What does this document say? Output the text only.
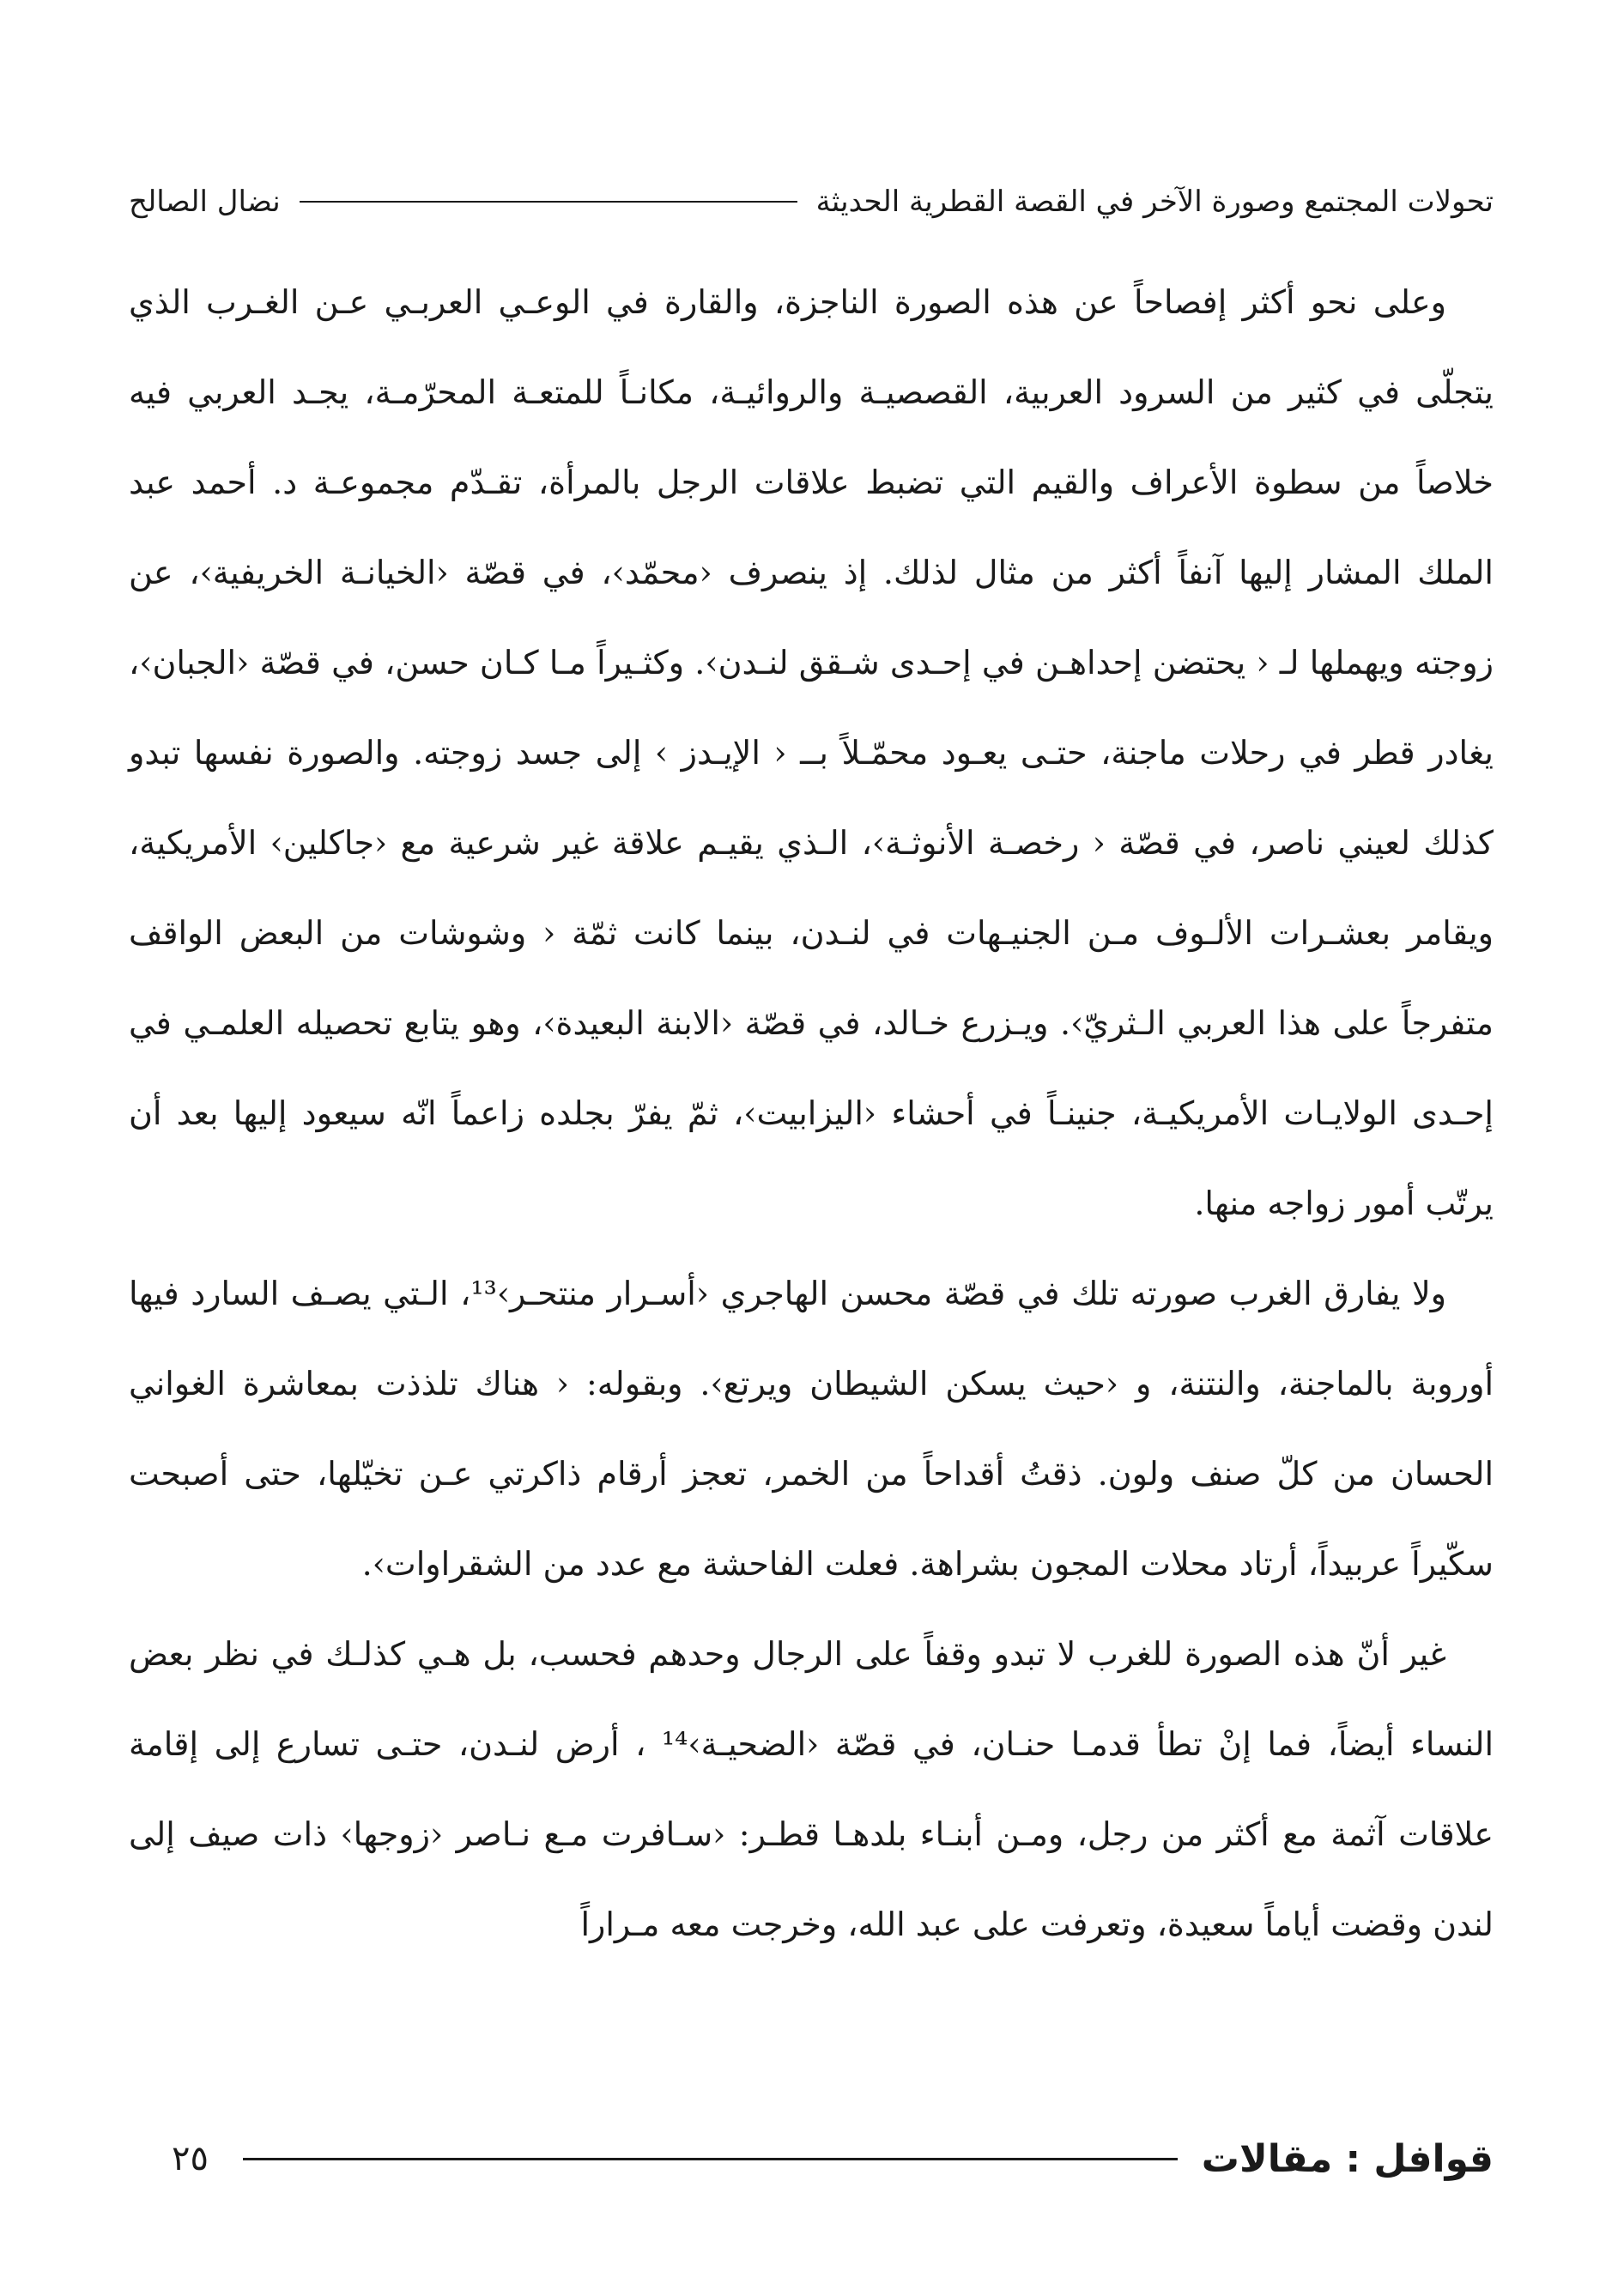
تحولات المجتمع وصورة الآخر في القصة القطرية الحديثة
نضال الصالح

وعلى نحو أكثر إفصاحاً عن هذه الصورة الناجزة، والقارة في الوعـي العربـي عـن الغـرب الذي يتجلّى في كثير من السرود العربية، القصصيـة والروائيـة، مكانـاً للمتعـة المحرّمـة، يجـد العربي فيه خلاصاً من سطوة الأعراف والقيم التي تضبط علاقات الرجل بالمرأة، تقـدّم مجموعـة د. أحمد عبد الملك المشار إليها آنفاً أكثر من مثال لذلك. إذ ينصرف ‹محمّد›، في قصّة ‹الخيانـة الخريفية›، عن زوجته ويهملها لـ ‹ يحتضن إحداهـن في إحـدى شـقق لنـدن›. وكثـيراً مـا كـان حسن، في قصّة ‹الجبان›، يغادر قطر في رحلات ماجنة، حتـى يعـود محمّـلاً بــ ‹ الإيـدز › إلى جسد زوجته. والصورة نفسها تبدو كذلك لعيني ناصر، في قصّة ‹ رخصـة الأنوثـة›، الـذي يقيـم علاقة غير شرعية مع ‹جاكلين› الأمريكية، ويقامر بعشـرات الألـوف مـن الجنيـهات في لنـدن، بينما كانت ثمّة ‹ وشوشات من البعض الواقف متفرجاً على هذا العربي الـثريّ›. ويـزرع خـالد، في قصّة ‹الابنة البعيدة›، وهو يتابع تحصيله العلمـي في إحـدى الولايـات الأمريكيـة، جنينـاً في أحشاء ‹اليزابيت›، ثمّ يفرّ بجلده زاعماً انّه سيعود إليها بعد أن يرتّب أمور زواجه منها.

ولا يفارق الغرب صورته تلك في قصّة محسن الهاجري ‹أسـرار منتحـر›¹³، الـتي يصـف السارد فيها أوروبة بالماجنة، والنتنة، و ‹حيث يسكن الشيطان ويرتع›. وبقوله: ‹ هناك تلذذت بمعاشرة الغواني الحسان من كلّ صنف ولون. ذقتُ أقداحاً من الخمر، تعجز أرقام ذاكرتي عـن تخيّلها، حتى أصبحت سكّيراً عربيداً، أرتاد محلات المجون بشراهة. فعلت الفاحشة مع عدد من الشقراوات›.

غير أنّ هذه الصورة للغرب لا تبدو وقفاً على الرجال وحدهم فحسب، بل هـي كذلـك في نظر بعض النساء أيضاً، فما إنْ تطأ قدمـا حنـان، في قصّة ‹الضحيـة›¹⁴ ، أرض لنـدن، حتـى تسارع إلى إقامة علاقات آثمة مع أكثر من رجل، ومـن أبنـاء بلدهـا قطـر: ‹سـافرت مـع نـاصر ‹زوجها› ذات صيف إلى لندن وقضت أياماً سعيدة، وتعرفت على عبد الله، وخرجت معه مـراراً

قوافل : مقالات
٢٥
